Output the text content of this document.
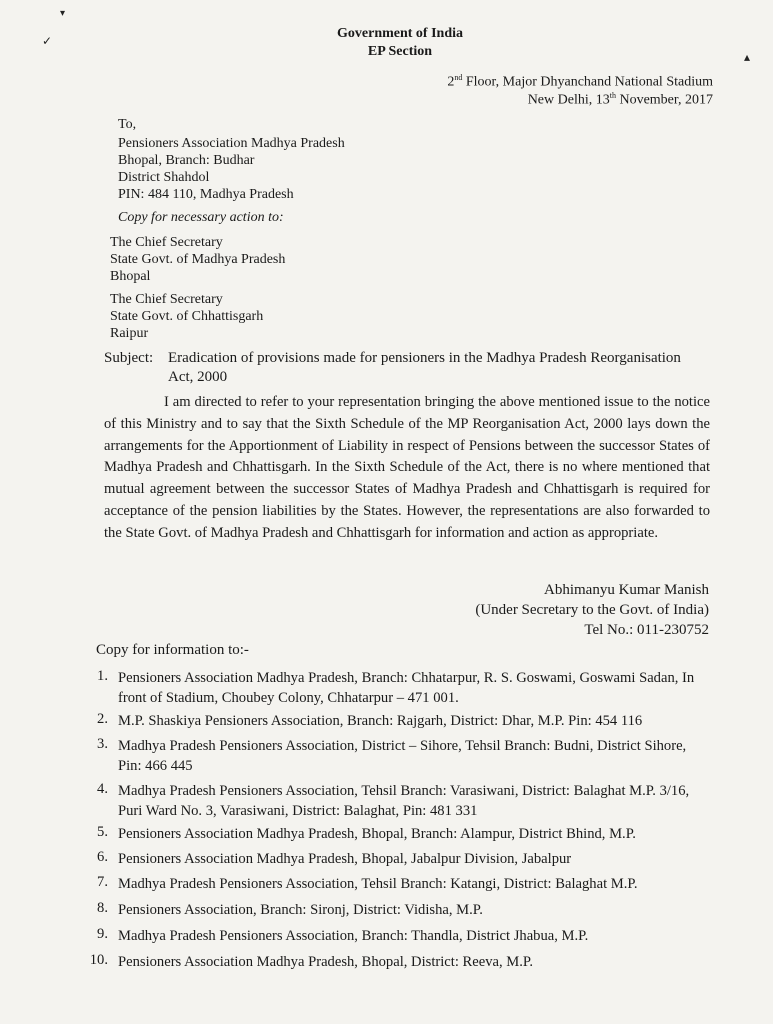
▾
✓
▴
Government of India
EP Section
2nd Floor, Major Dhyanchand National Stadium
New Delhi, 13th November, 2017
To,
Pensioners Association Madhya Pradesh
Bhopal, Branch: Budhar
District Shahdol
PIN: 484 110, Madhya Pradesh
Copy for necessary action to:
The Chief Secretary
State Govt. of Madhya Pradesh
Bhopal
The Chief Secretary
State Govt. of Chhattisgarh
Raipur
Subject: Eradication of provisions made for pensioners in the Madhya Pradesh Reorganisation
Act, 2000
I am directed to refer to your representation bringing the above mentioned issue to the notice of this Ministry and to say that the Sixth Schedule of the MP Reorganisation Act, 2000 lays down the arrangements for the Apportionment of Liability in respect of Pensions between the successor States of Madhya Pradesh and Chhattisgarh. In the Sixth Schedule of the Act, there is no where mentioned that mutual agreement between the successor States of Madhya Pradesh and Chhattisgarh is required for acceptance of the pension liabilities by the States. However, the representations are also forwarded to the State Govt. of Madhya Pradesh and Chhattisgarh for information and action as appropriate.
Abhimanyu Kumar Manish
(Under Secretary to the Govt. of India)
Tel No.: 011-230752
Copy for information to:-
1. Pensioners Association Madhya Pradesh, Branch: Chhatarpur, R. S. Goswami, Goswami Sadan, In front of Stadium, Choubey Colony, Chhatarpur – 471 001.
2. M.P. Shaskiya Pensioners Association, Branch: Rajgarh, District: Dhar, M.P. Pin: 454 116
3. Madhya Pradesh Pensioners Association, District – Sihore, Tehsil Branch: Budni, District Sihore, Pin: 466 445
4. Madhya Pradesh Pensioners Association, Tehsil Branch: Varasiwani, District: Balaghat M.P. 3/16, Puri Ward No. 3, Varasiwani, District: Balaghat, Pin: 481 331
5. Pensioners Association Madhya Pradesh, Bhopal, Branch: Alampur, District Bhind, M.P.
6. Pensioners Association Madhya Pradesh, Bhopal, Jabalpur Division, Jabalpur
7. Madhya Pradesh Pensioners Association, Tehsil Branch: Katangi, District: Balaghat M.P.
8. Pensioners Association, Branch: Sironj, District: Vidisha, M.P.
9. Madhya Pradesh Pensioners Association, Branch: Thandla, District Jhabua, M.P.
10. Pensioners Association Madhya Pradesh, Bhopal, District: Reeva, M.P.
